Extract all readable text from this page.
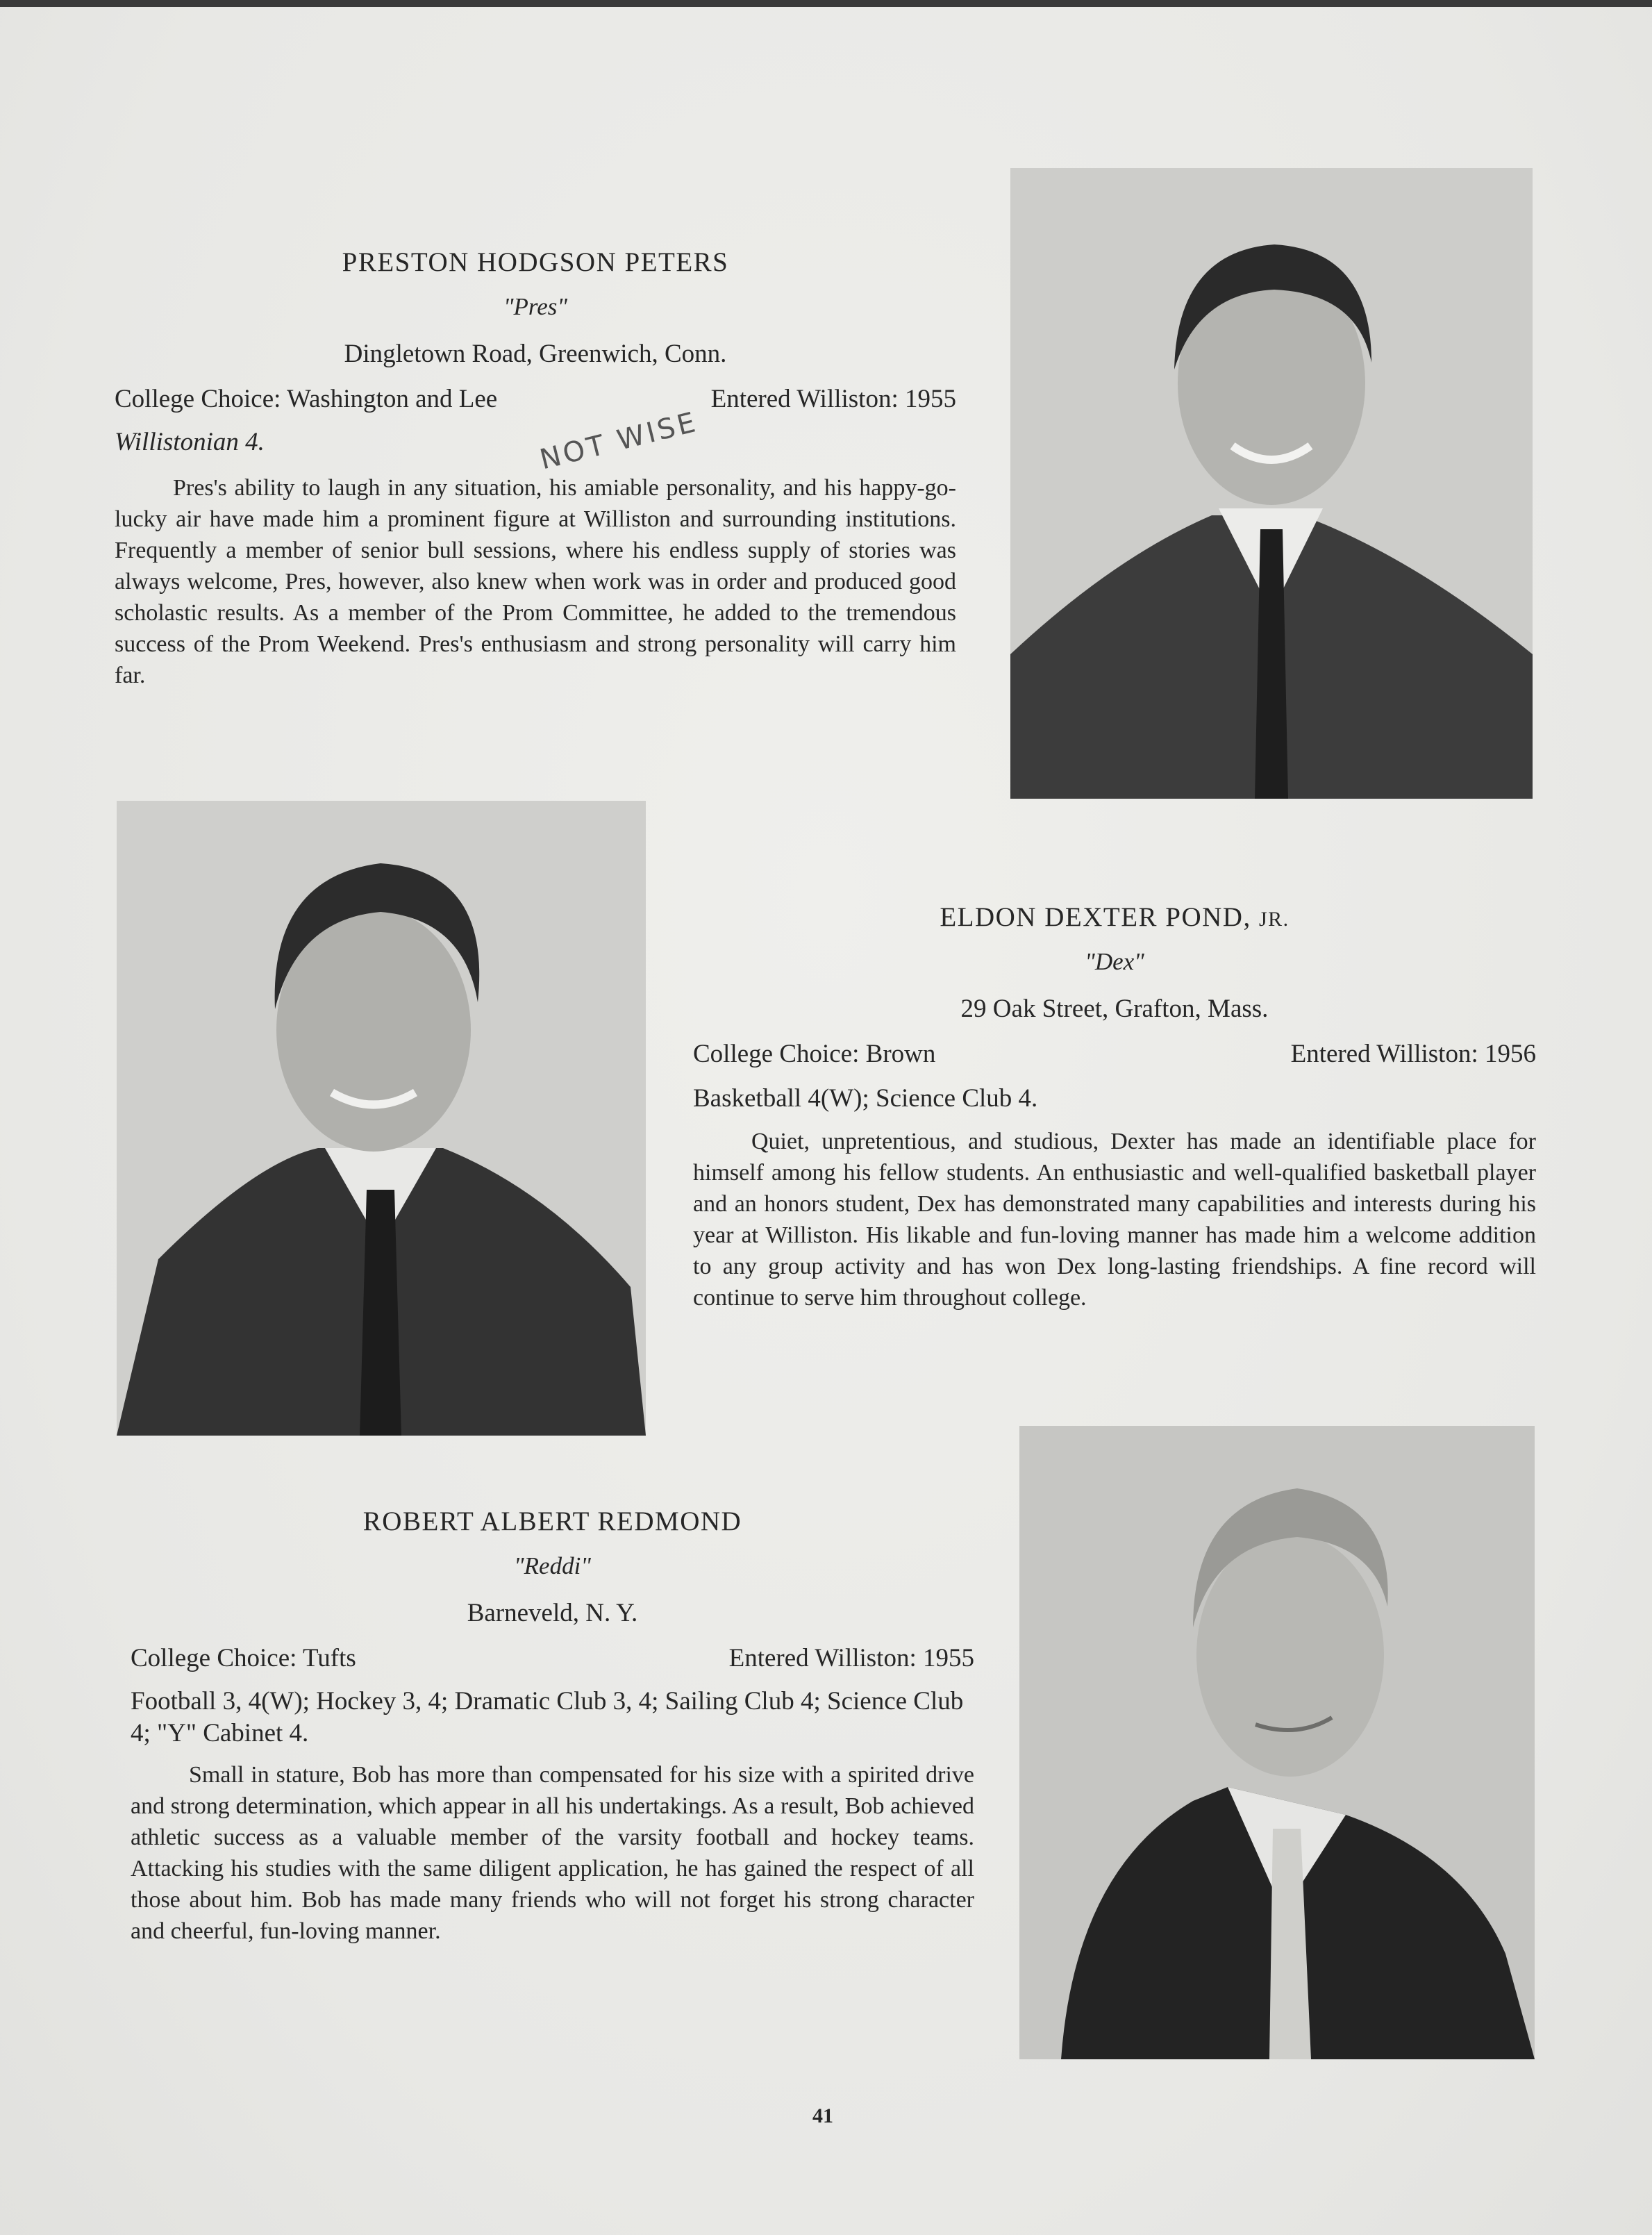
PRESTON HODGSON PETERS

"Pres"

Dingletown Road, Greenwich, Conn.

College Choice: Washington and Lee	Entered Williston: 1955

Willistonian 4.

Pres's ability to laugh in any situation, his amiable personality, and his happy-go-lucky air have made him a prominent figure at Williston and surrounding institutions. Frequently a member of senior bull sessions, where his endless supply of stories was always welcome, Pres, however, also knew when work was in order and produced good scholastic results. As a member of the Prom Committee, he added to the tremendous success of the Prom Weekend. Pres's enthusiasm and strong personality will carry him far.

NOT WISE

ELDON DEXTER POND, JR.

"Dex"

29 Oak Street, Grafton, Mass.

College Choice: Brown	Entered Williston: 1956

Basketball 4(W); Science Club 4.

Quiet, unpretentious, and studious, Dexter has made an identifiable place for himself among his fellow students. An enthusiastic and well-qualified basketball player and an honors student, Dex has demonstrated many capabilities and interests during his year at Williston. His likable and fun-loving manner has made him a welcome addition to any group activity and has won Dex long-lasting friendships. A fine record will continue to serve him throughout college.

ROBERT ALBERT REDMOND

"Reddi"

Barneveld, N. Y.

College Choice: Tufts	Entered Williston: 1955

Football 3, 4(W); Hockey 3, 4; Dramatic Club 3, 4; Sailing Club 4; Science Club 4; "Y" Cabinet 4.

Small in stature, Bob has more than compensated for his size with a spirited drive and strong determination, which appear in all his undertakings. As a result, Bob achieved athletic success as a valuable member of the varsity football and hockey teams. Attacking his studies with the same diligent application, he has gained the respect of all those about him. Bob has made many friends who will not forget his strong character and cheerful, fun-loving manner.

41
